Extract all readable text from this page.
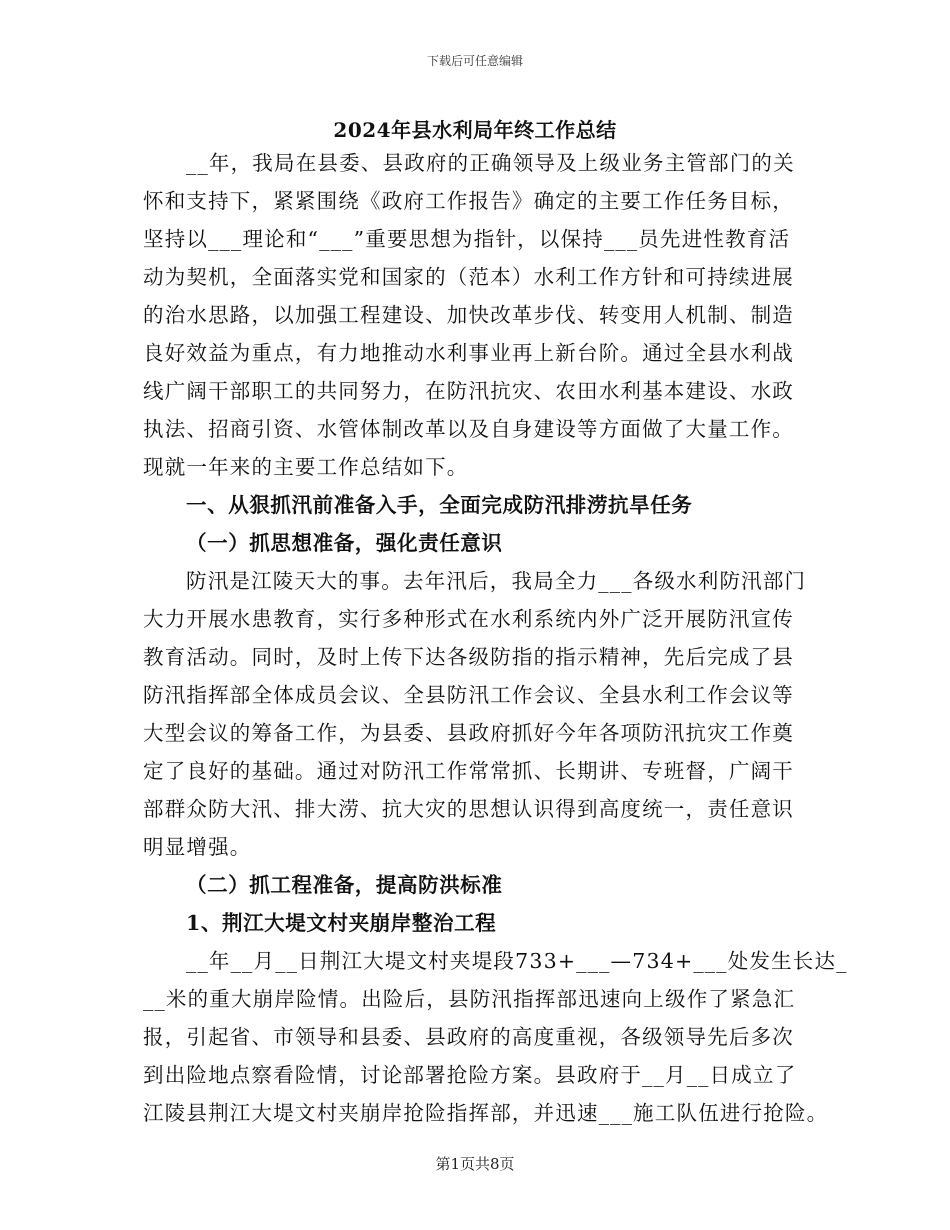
下载后可任意编辑
2024年县水利局年终工作总结
__年，我局在县委、县政府的正确领导及上级业务主管部门的关
怀和支持下，紧紧围绕《政府工作报告》确定的主要工作任务目标，
坚持以___理论和“___”重要思想为指针，以保持___员先进性教育活
动为契机，全面落实党和国家的（范本）水利工作方针和可持续进展
的治水思路，以加强工程建设、加快改革步伐、转变用人机制、制造
良好效益为重点，有力地推动水利事业再上新台阶。通过全县水利战
线广阔干部职工的共同努力，在防汛抗灾、农田水利基本建设、水政
执法、招商引资、水管体制改革以及自身建设等方面做了大量工作。
现就一年来的主要工作总结如下。
一、从狠抓汛前准备入手，全面完成防汛排涝抗旱任务
（一）抓思想准备，强化责任意识
防汛是江陵天大的事。去年汛后，我局全力___各级水利防汛部门
大力开展水患教育，实行多种形式在水利系统内外广泛开展防汛宣传
教育活动。同时，及时上传下达各级防指的指示精神，先后完成了县
防汛指挥部全体成员会议、全县防汛工作会议、全县水利工作会议等
大型会议的筹备工作，为县委、县政府抓好今年各项防汛抗灾工作奠
定了良好的基础。通过对防汛工作常常抓、长期讲、专班督，广阔干
部群众防大汛、排大涝、抗大灾的思想认识得到高度统一，责任意识
明显增强。
（二）抓工程准备，提高防洪标准
1、荆江大堤文村夹崩岸整治工程
__年__月__日荆江大堤文村夹堤段733+___—734+___处发生长达_
__米的重大崩岸险情。出险后，县防汛指挥部迅速向上级作了紧急汇
报，引起省、市领导和县委、县政府的高度重视，各级领导先后多次
到出险地点察看险情，讨论部署抢险方案。县政府于__月__日成立了
江陵县荆江大堤文村夹崩岸抢险指挥部，并迅速___施工队伍进行抢险。
第1页共8页
